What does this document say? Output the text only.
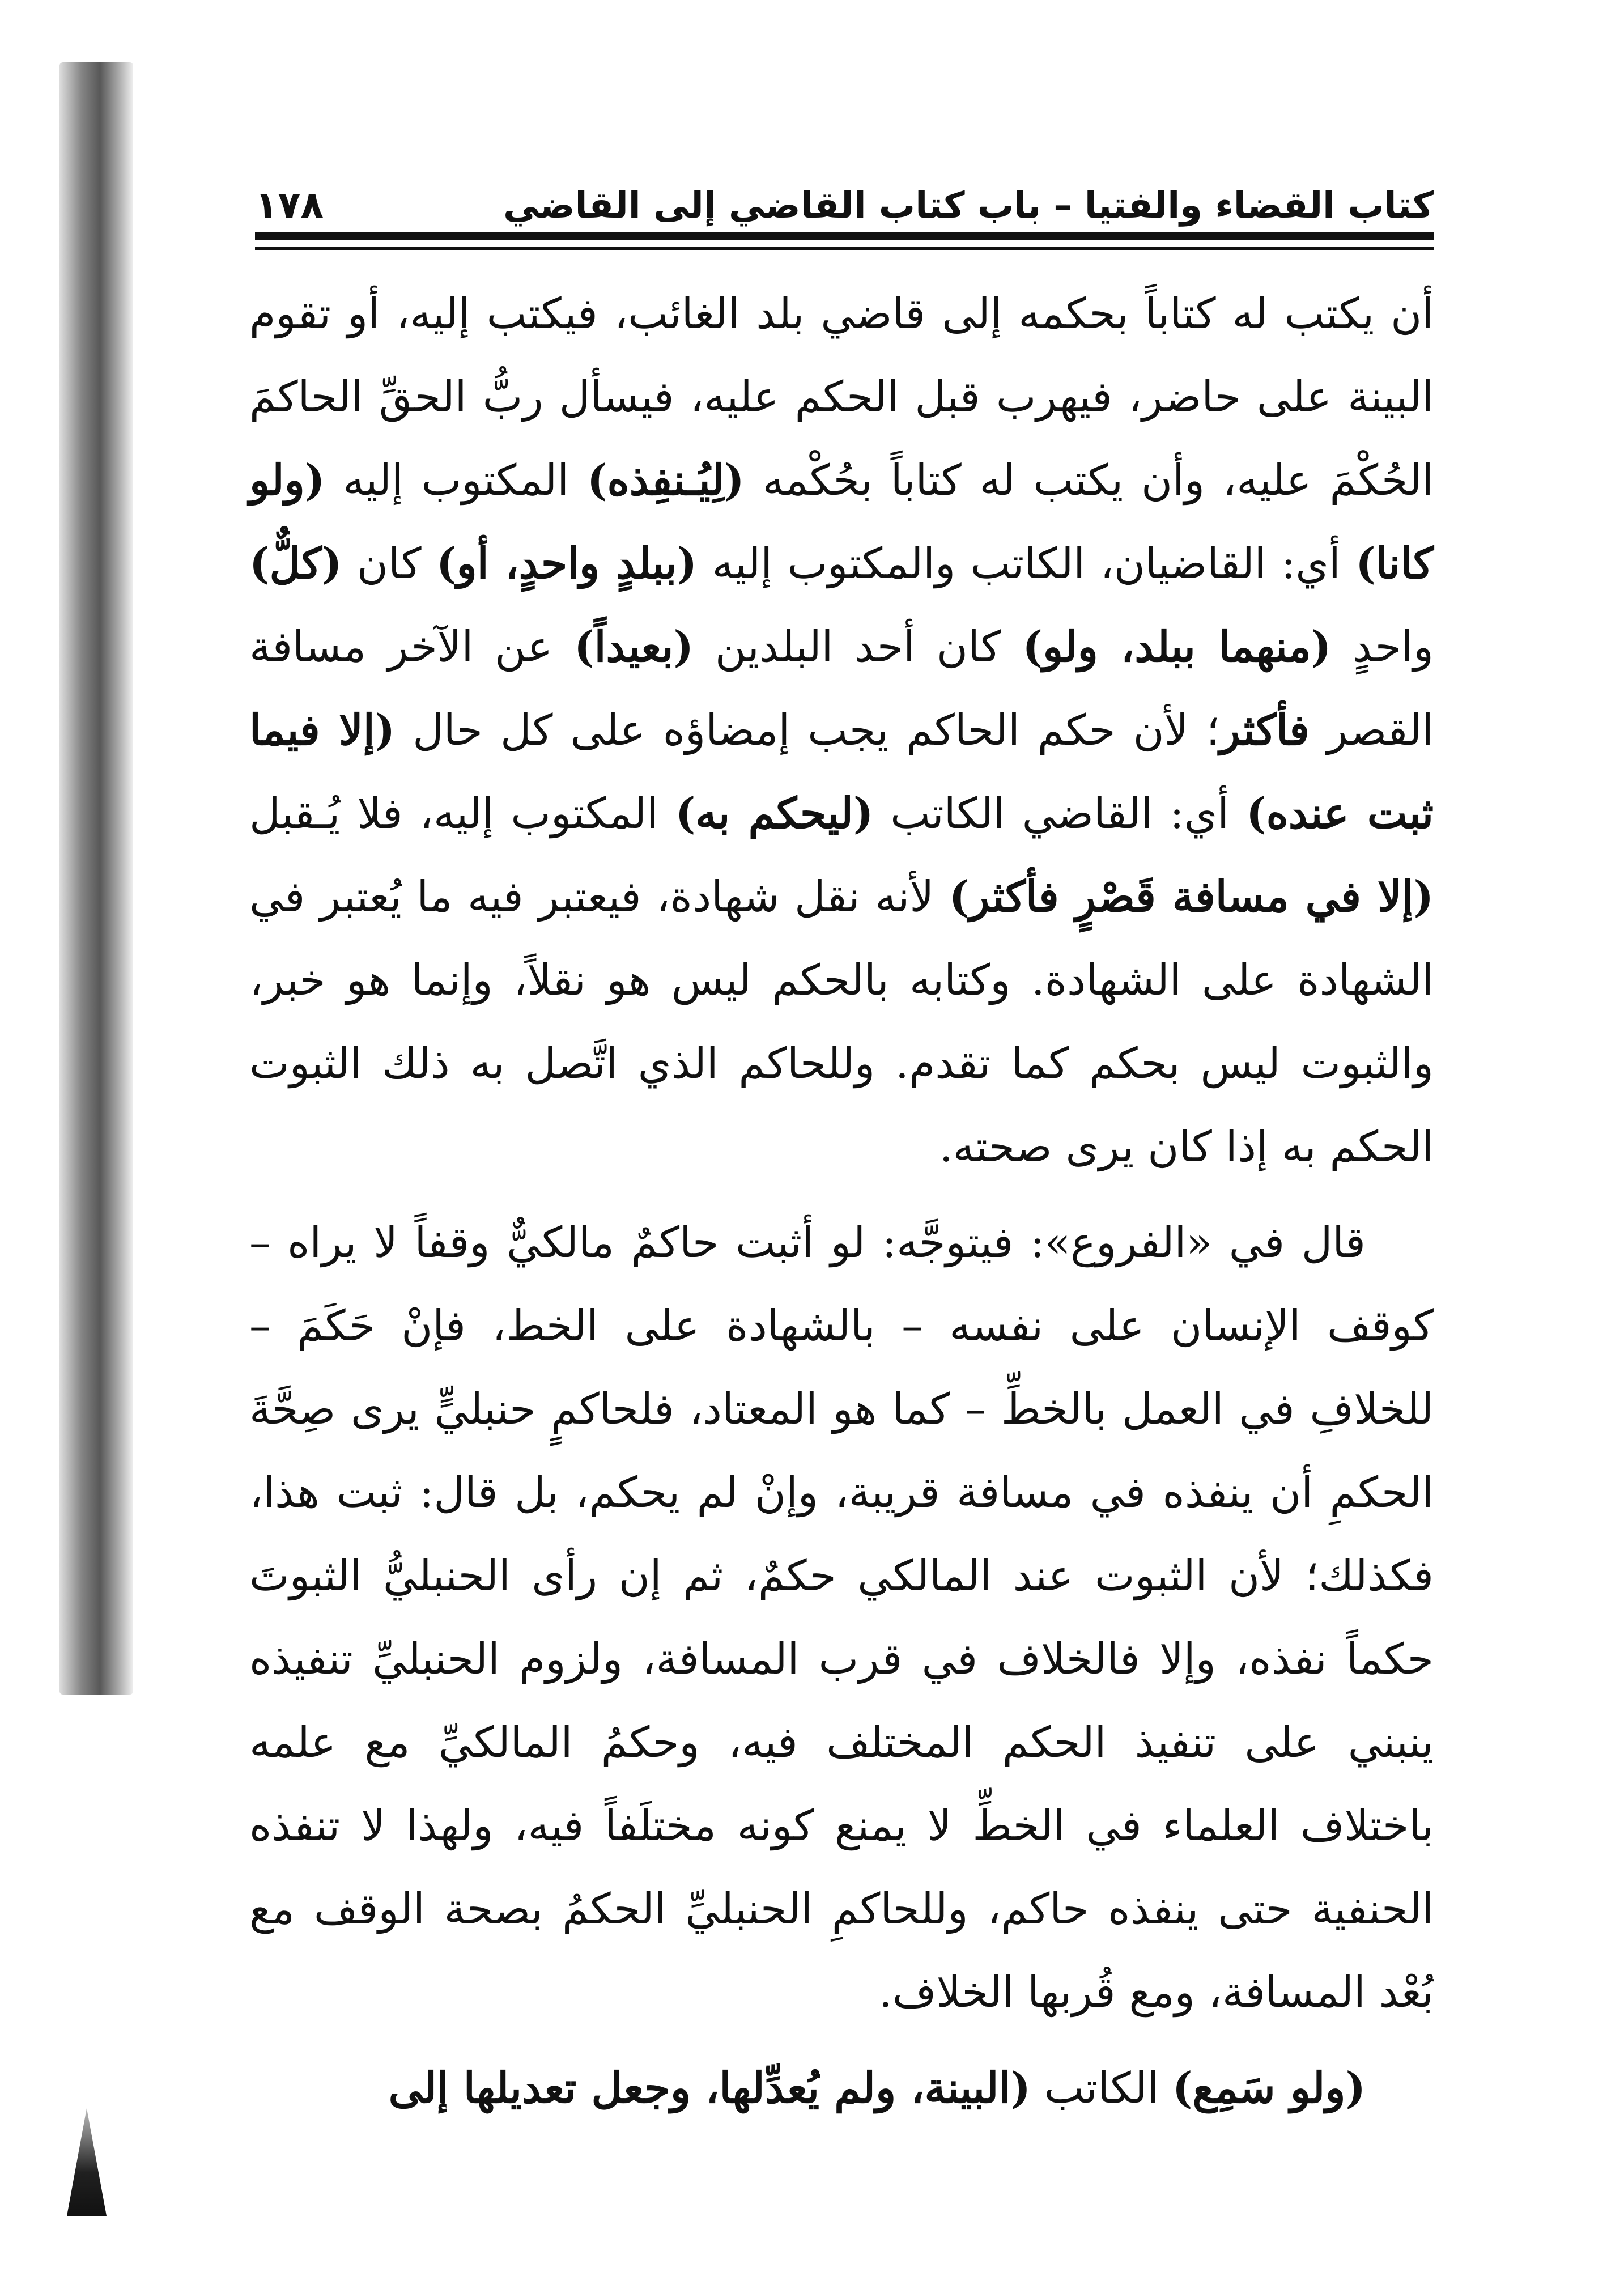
كتاب القضاء والفتيا – باب كتاب القاضي إلى القاضي
١٧٨

أن يكتب له كتاباً بحكمه إلى قاضي بلد الغائب، فيكتب إليه، أو تقوم البينة على حاضر، فيهرب قبل الحكم عليه، فيسأل ربُّ الحقِّ الحاكمَ الحُكْمَ عليه، وأن يكتب له كتاباً بحُكْمه (لِيُـنفِذه) المكتوب إليه (ولو كانا) أي: القاضيان، الكاتب والمكتوب إليه (ببلدٍ واحدٍ، أو) كان (كلٌّ) واحدٍ (منهما ببلد، ولو) كان أحد البلدين (بعيداً) عن الآخر مسافة القصر فأكثر؛ لأن حكم الحاكم يجب إمضاؤه على كل حال (إلا فيما ثبت عنده) أي: القاضي الكاتب (ليحكم به) المكتوب إليه، فلا يُـقبل (إلا في مسافة قَصْرٍ فأكثر) لأنه نقل شهادة، فيعتبر فيه ما يُعتبر في الشهادة على الشهادة. وكتابه بالحكم ليس هو نقلاً، وإنما هو خبر، والثبوت ليس بحكم كما تقدم. وللحاكم الذي اتَّصل به ذلك الثبوت الحكم به إذا كان يرى صحته.

قال في «الفروع»: فيتوجَّه: لو أثبت حاكمٌ مالكيٌّ وقفاً لا يراه – كوقف الإنسان على نفسه – بالشهادة على الخط، فإنْ حَكَمَ – للخلافِ في العمل بالخطِّ – كما هو المعتاد، فلحاكمٍ حنبليٍّ يرى صِحَّةَ الحكمِ أن ينفذه في مسافة قريبة، وإنْ لم يحكم، بل قال: ثبت هذا، فكذلك؛ لأن الثبوت عند المالكي حكمٌ، ثم إن رأى الحنبليُّ الثبوتَ حكماً نفذه، وإلا فالخلاف في قرب المسافة، ولزوم الحنبليِّ تنفيذه ينبني على تنفيذ الحكم المختلف فيه، وحكمُ المالكيِّ مع علمه باختلاف العلماء في الخطِّ لا يمنع كونه مختلَفاً فيه، ولهذا لا تنفذه الحنفية حتى ينفذه حاكم، وللحاكمِ الحنبليِّ الحكمُ بصحة الوقف مع بُعْد المسافة، ومع قُربها الخلاف.

(ولو سَمِع) الكاتب (البينة، ولم يُعدِّلها، وجعل تعديلها إلى
